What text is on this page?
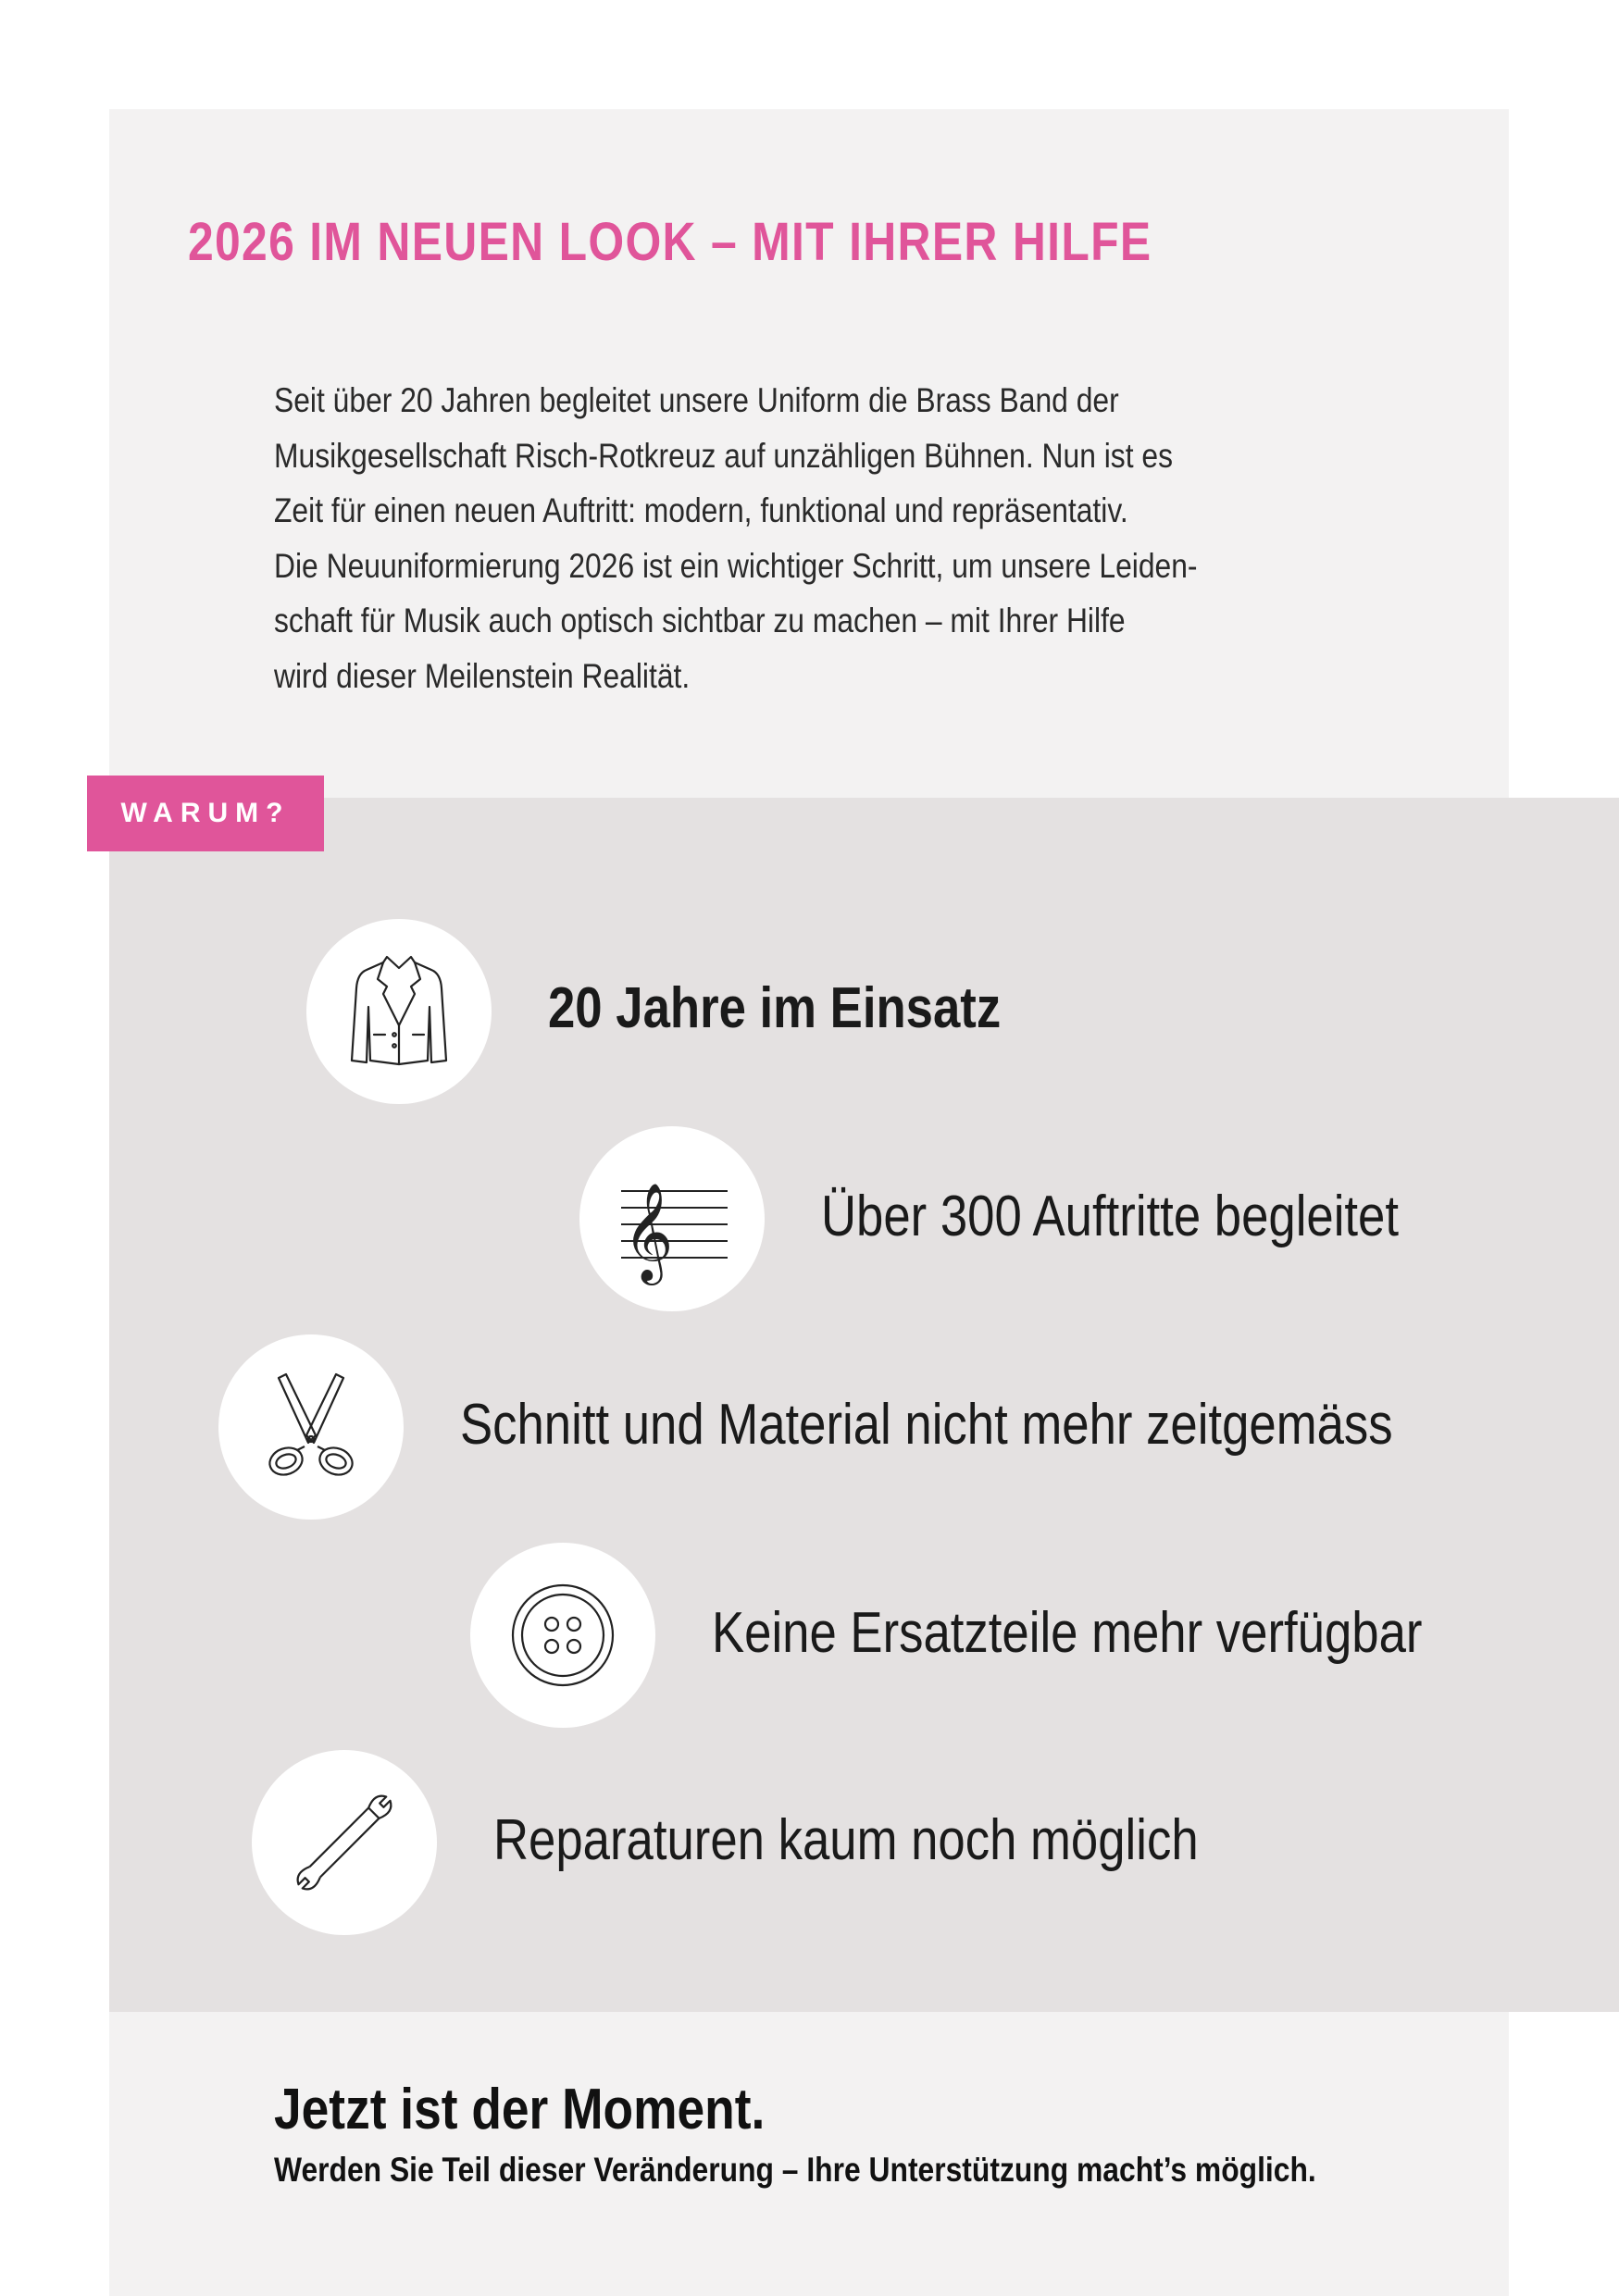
2026 IM NEUEN LOOK – MIT IHRER HILFE
Seit über 20 Jahren begleitet unsere Uniform die Brass Band der
Musikgesellschaft Risch-Rotkreuz auf unzähligen Bühnen. Nun ist es
Zeit für einen neuen Auftritt: modern, funktional und repräsentativ.
Die Neuuniformierung 2026 ist ein wichtiger Schritt, um unsere Leiden-
schaft für Musik auch optisch sichtbar zu machen – mit Ihrer Hilfe
wird dieser Meilenstein Realität.
WARUM?
20 Jahre im Einsatz
𝄞	Über 300 Auftritte begleitet
Schnitt und Material nicht mehr zeitgemäss
Keine Ersatzteile mehr verfügbar
Reparaturen kaum noch möglich
Jetzt ist der Moment.
Werden Sie Teil dieser Veränderung – Ihre Unterstützung macht’s möglich.
